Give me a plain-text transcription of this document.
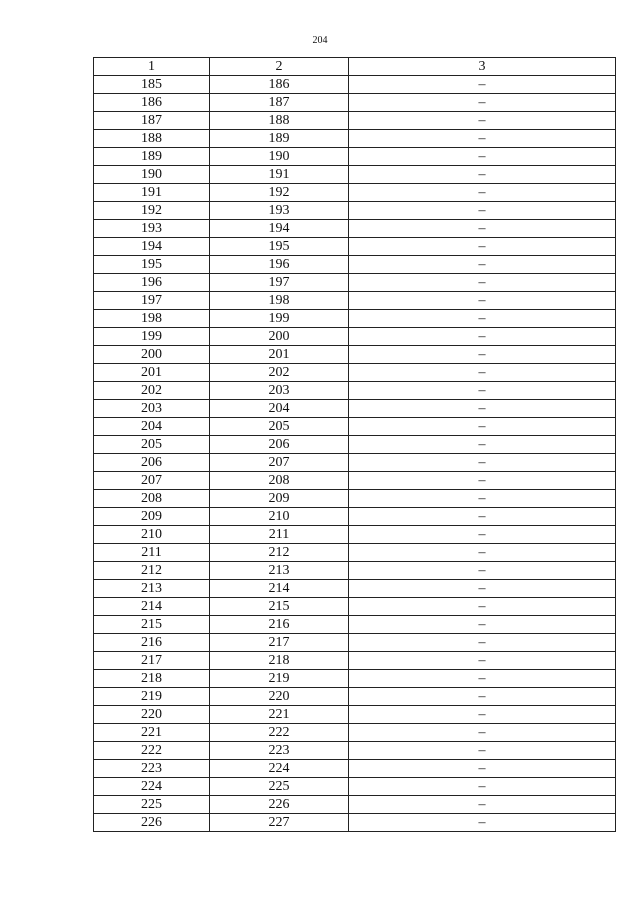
204
1	2	3
185	186	–
186	187	–
187	188	–
188	189	–
189	190	–
190	191	–
191	192	–
192	193	–
193	194	–
194	195	–
195	196	–
196	197	–
197	198	–
198	199	–
199	200	–
200	201	–
201	202	–
202	203	–
203	204	–
204	205	–
205	206	–
206	207	–
207	208	–
208	209	–
209	210	–
210	211	–
211	212	–
212	213	–
213	214	–
214	215	–
215	216	–
216	217	–
217	218	–
218	219	–
219	220	–
220	221	–
221	222	–
222	223	–
223	224	–
224	225	–
225	226	–
226	227	–
